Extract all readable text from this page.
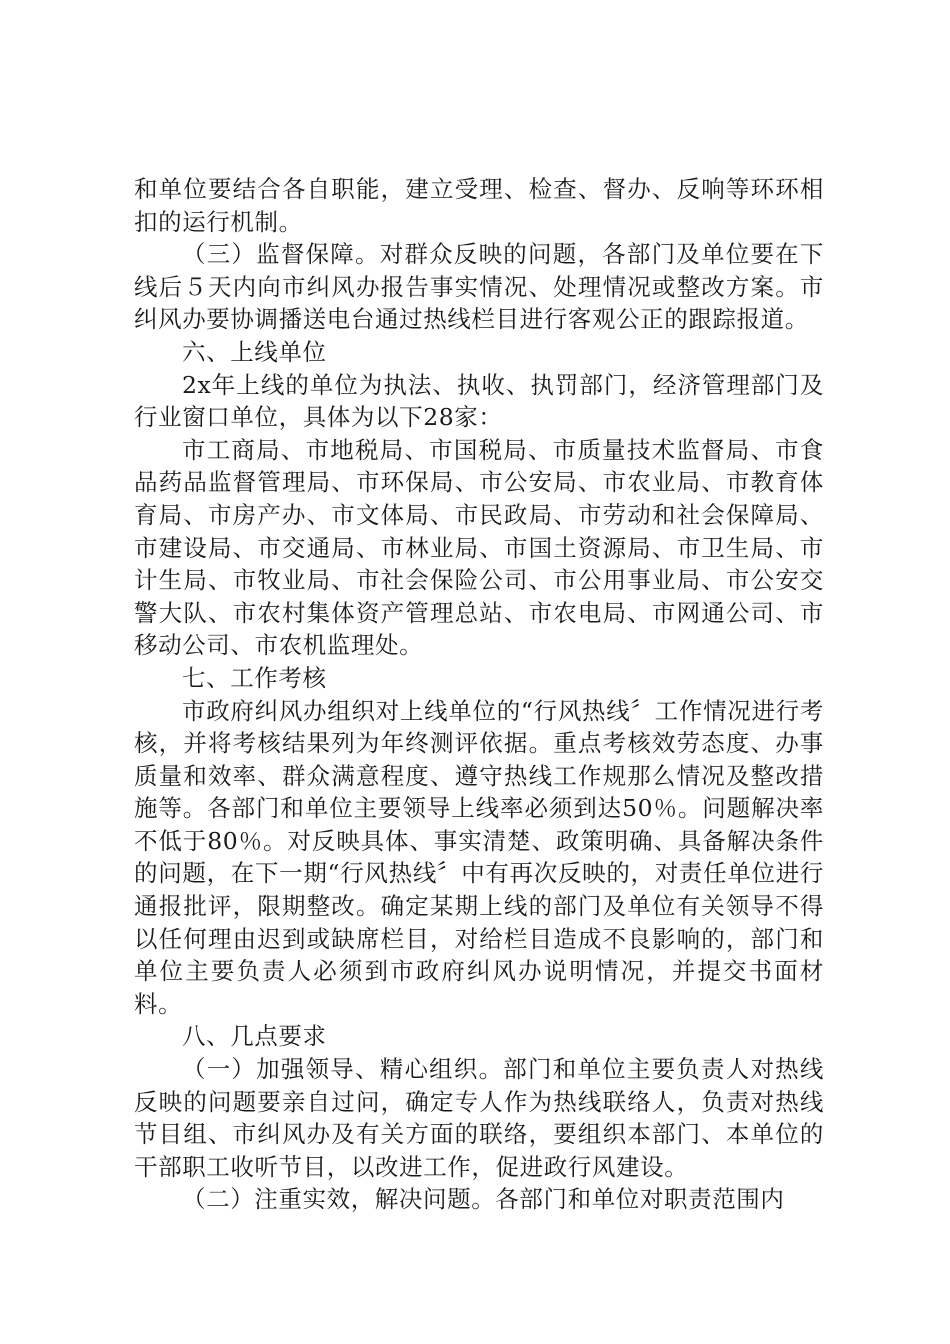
和单位要结合各自职能，建立受理、检查、督办、反响等环环相扣的运行机制。

（三）监督保障。对群众反映的问题，各部门及单位要在下线后５天内向市纠风办报告事实情况、处理情况或整改方案。市纠风办要协调播送电台通过热线栏目进行客观公正的跟踪报道。

六、上线单位

2x年上线的单位为执法、执收、执罚部门，经济管理部门及行业窗口单位，具体为以下28家：

市工商局、市地税局、市国税局、市质量技术监督局、市食品药品监督管理局、市环保局、市公安局、市农业局、市教育体育局、市房产办、市文体局、市民政局、市劳动和社会保障局、市建设局、市交通局、市林业局、市国土资源局、市卫生局、市计生局、市牧业局、市社会保险公司、市公用事业局、市公安交警大队、市农村集体资产管理总站、市农电局、市网通公司、市移动公司、市农机监理处。

七、工作考核

市政府纠风办组织对上线单位的“行风热线〞工作情况进行考核，并将考核结果列为年终测评依据。重点考核效劳态度、办事质量和效率、群众满意程度、遵守热线工作规那么情况及整改措施等。各部门和单位主要领导上线率必须到达50％。问题解决率不低于80％。对反映具体、事实清楚、政策明确、具备解决条件的问题，在下一期“行风热线〞中有再次反映的，对责任单位进行通报批评，限期整改。确定某期上线的部门及单位有关领导不得以任何理由迟到或缺席栏目，对给栏目造成不良影响的，部门和单位主要负责人必须到市政府纠风办说明情况，并提交书面材料。

八、几点要求

（一）加强领导、精心组织。部门和单位主要负责人对热线反映的问题要亲自过问，确定专人作为热线联络人，负责对热线节目组、市纠风办及有关方面的联络，要组织本部门、本单位的干部职工收听节目，以改进工作，促进政行风建设。

（二）注重实效，解决问题。各部门和单位对职责范围内
